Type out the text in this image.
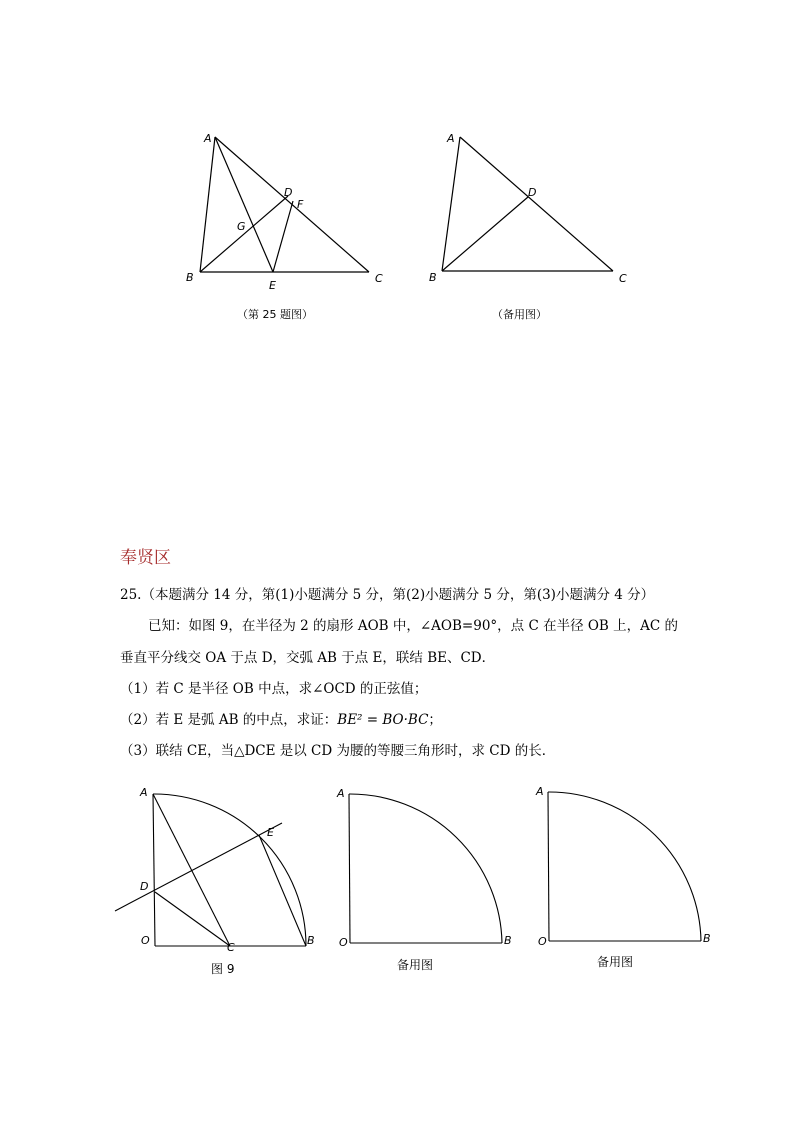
A
B	C
D
E
F
G
（第 25 题图）
A
B	C
D
（备用图）
奉贤区
25.（本题满分 14 分，第(1)小题满分 5 分，第(2)小题满分 5 分，第(3)小题满分 4 分）
已知：如图 9，在半径为 2 的扇形 AOB 中，∠AOB=90°，点 C 在半径 OB 上，AC 的
垂直平分线交 OA 于点 D，交弧 AB 于点 E，联结 BE、CD．
（1）若 C 是半径 OB 中点，求∠OCD 的正弦值；
（2）若 E 是弧 AB 的中点，求证：BE² = BO·BC；
（3）联结 CE，当△DCE 是以 CD 为腰的等腰三角形时，求 CD 的长．
A
O	B
C
D
E
图 9
A
O	B
备用图
A
O	B
备用图
